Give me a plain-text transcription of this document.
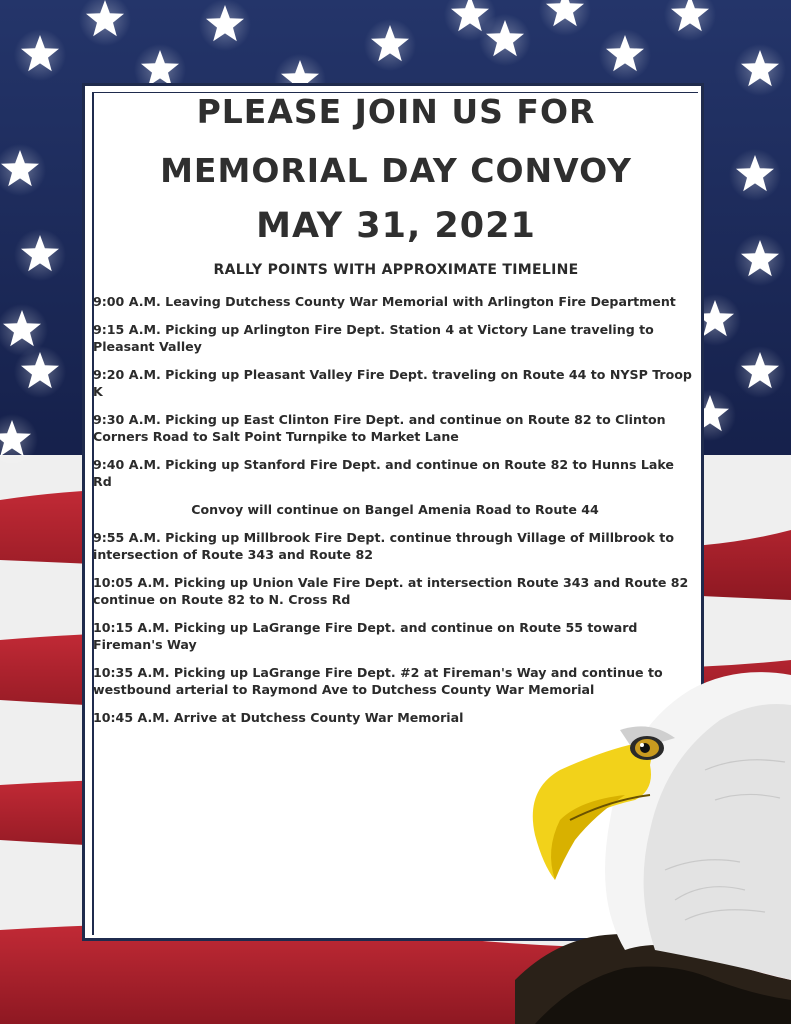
PLEASE JOIN US FOR
MEMORIAL DAY CONVOY
MAY 31, 2021
RALLY POINTS WITH APPROXIMATE TIMELINE
9:00 A.M. Leaving Dutchess County War Memorial with Arlington Fire Department
9:15 A.M. Picking up Arlington Fire Dept. Station 4 at Victory Lane traveling to Pleasant Valley
9:20 A.M. Picking up Pleasant Valley Fire Dept. traveling on Route 44 to NYSP Troop K
9:30 A.M. Picking up East Clinton Fire Dept. and continue on Route 82 to Clinton Corners Road to Salt Point Turnpike to Market Lane
9:40 A.M. Picking up Stanford Fire Dept. and continue on Route 82 to Hunns Lake Rd
Convoy will continue on Bangel Amenia Road to Route 44
9:55 A.M. Picking up Millbrook Fire Dept. continue through Village of Millbrook to intersection of Route 343 and Route 82
10:05 A.M. Picking up Union Vale Fire Dept. at intersection Route 343 and Route 82 continue on Route 82 to N. Cross Rd
10:15 A.M. Picking up LaGrange Fire Dept. and continue on Route 55 toward Fireman's Way
10:35 A.M. Picking up LaGrange Fire Dept. #2 at Fireman's Way and continue to westbound arterial to Raymond Ave to Dutchess County War Memorial
10:45 A.M. Arrive at Dutchess County War Memorial
